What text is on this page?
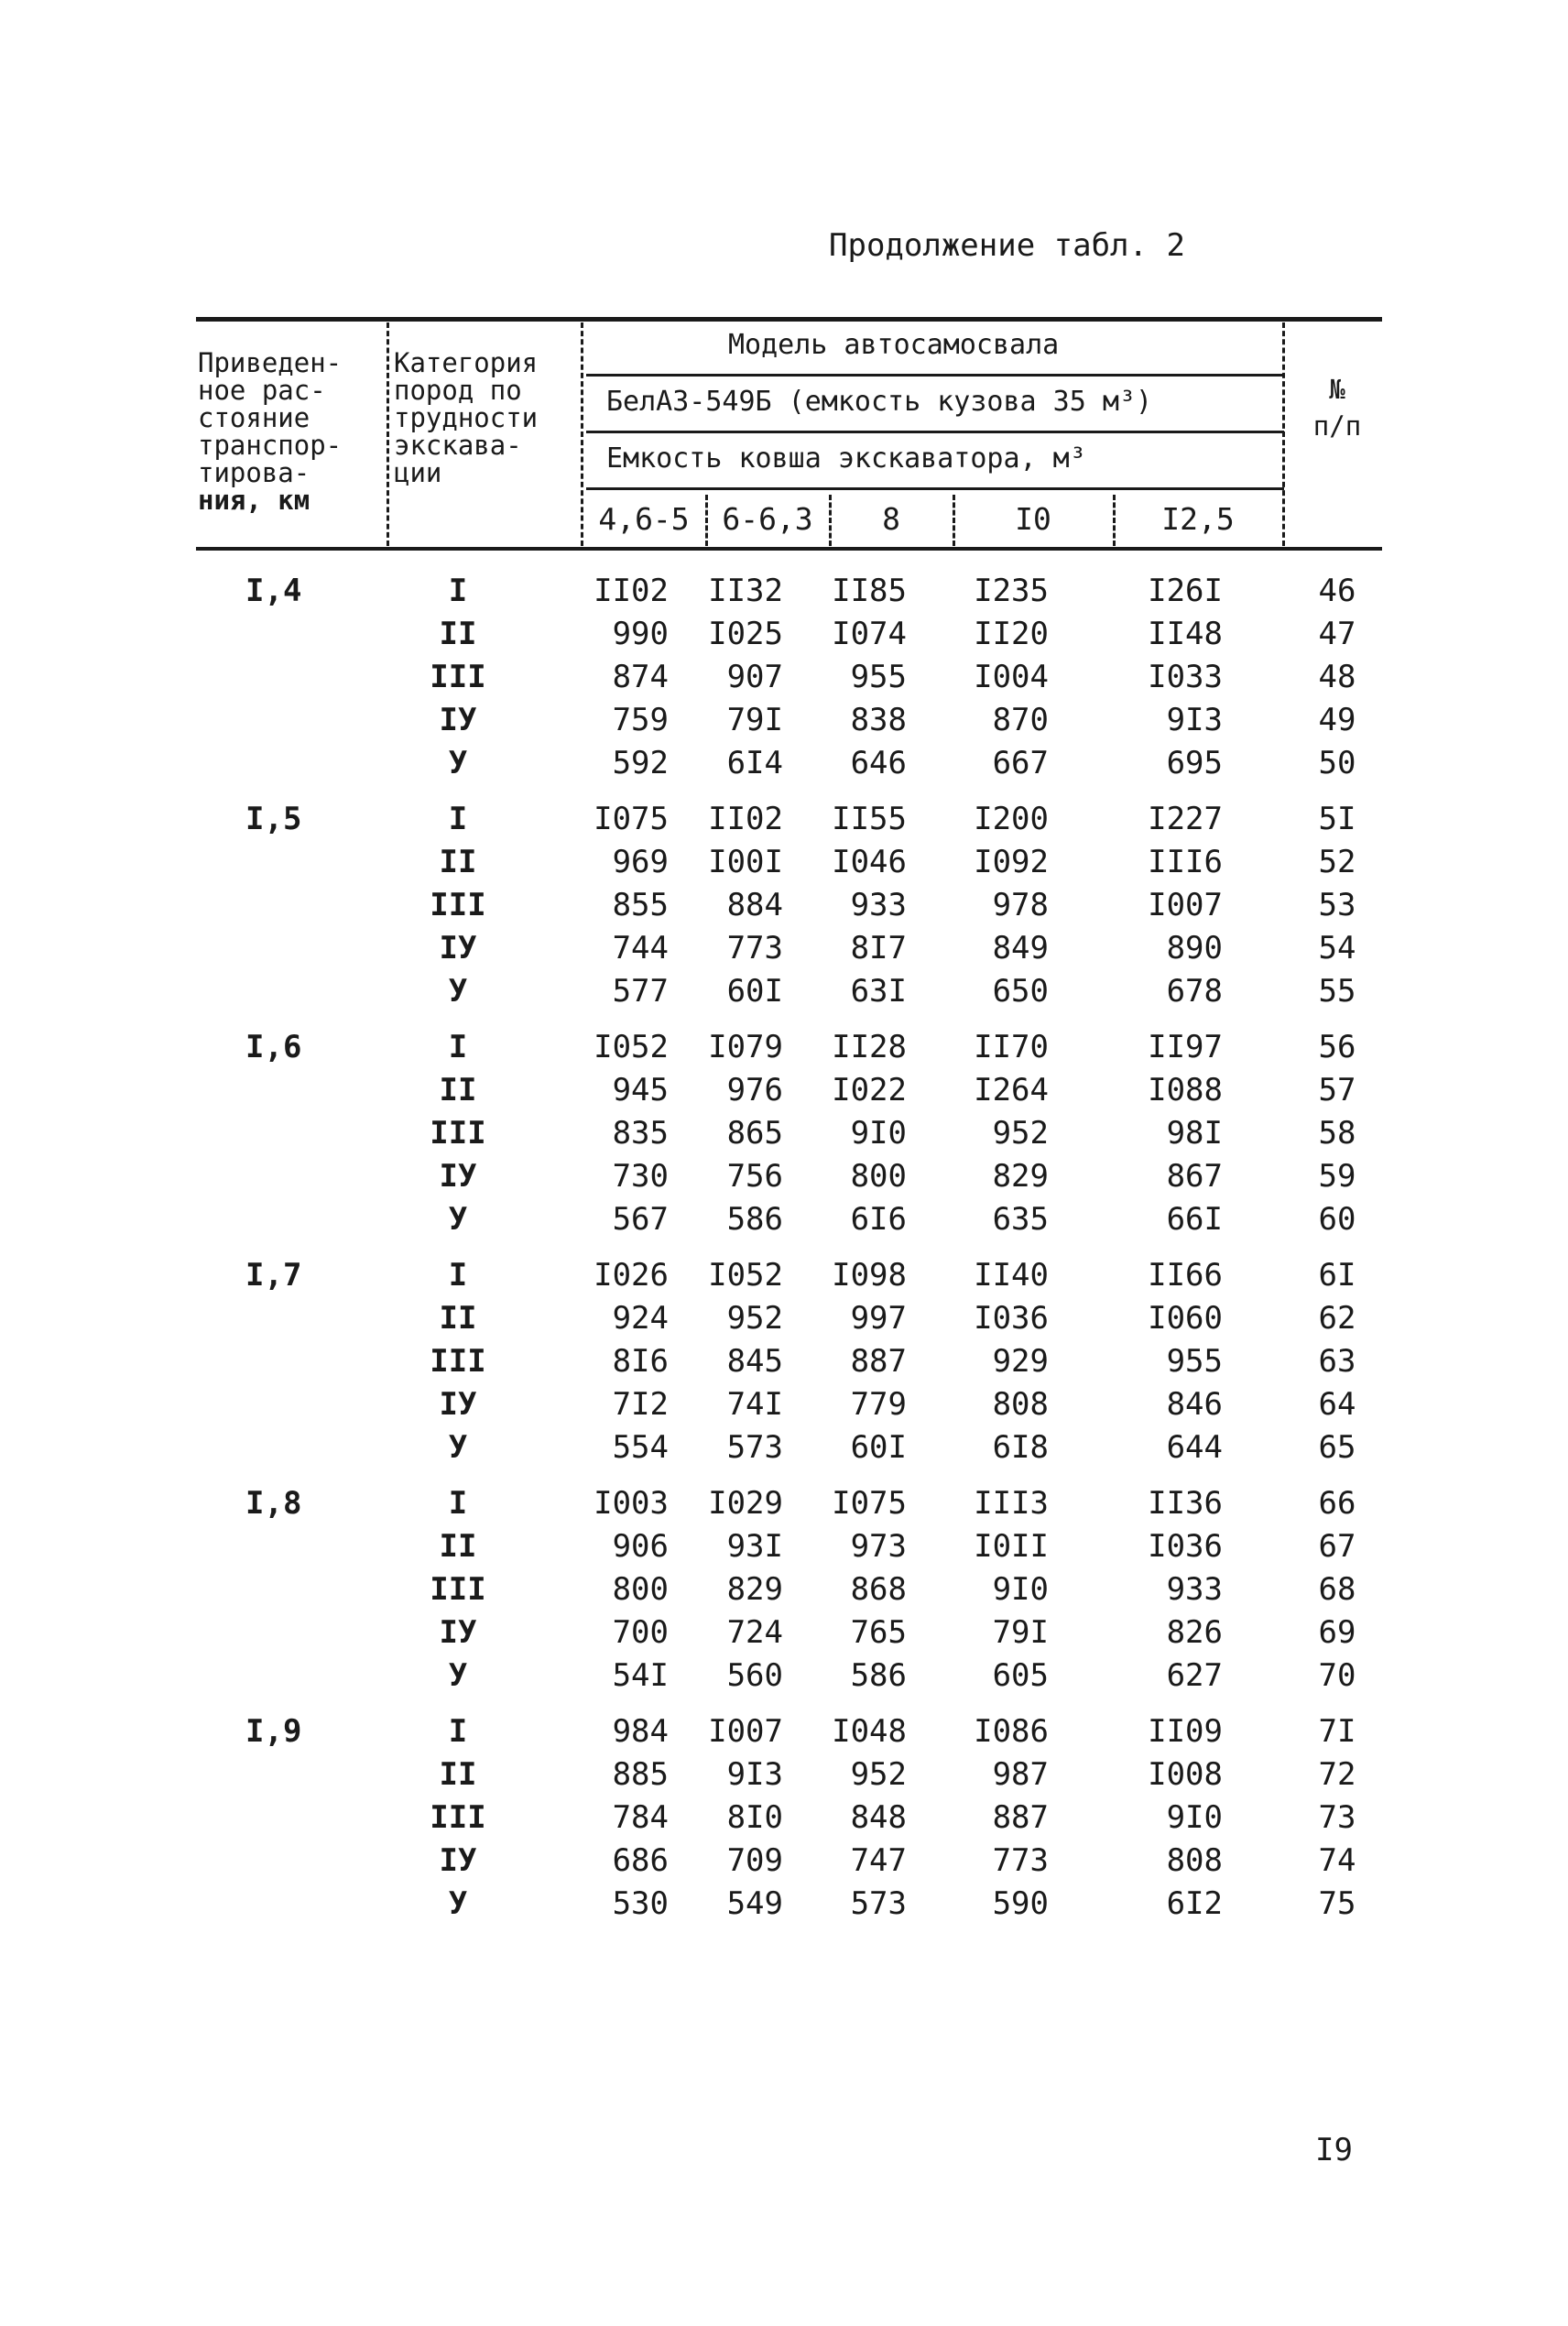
Продолжение табл. 2
Приведен-
ное рас-
стояние
транспор-
тирова-
ния, км
Категория
пород по
трудности
экскава-
ции
Модель автосамосвала
БелАЗ-549Б (емкость кузова 35 м³)
Емкость ковша экскаватора, м³
№
п/п
4,6-5	6-6,3	8	I0	I2,5
I,4	I	II02	II32	II85	I235	I26I	46
II	990	I025	I074	II20	II48	47
III	874	907	955	I004	I033	48
IУ	759	79I	838	870	9I3	49
У	592	6I4	646	667	695	50
I,5	I	I075	II02	II55	I200	I227	5I
II	969	I00I	I046	I092	III6	52
III	855	884	933	978	I007	53
IУ	744	773	8I7	849	890	54
У	577	60I	63I	650	678	55
I,6	I	I052	I079	II28	II70	II97	56
II	945	976	I022	I264	I088	57
III	835	865	9I0	952	98I	58
IУ	730	756	800	829	867	59
У	567	586	6I6	635	66I	60
I,7	I	I026	I052	I098	II40	II66	6I
II	924	952	997	I036	I060	62
III	8I6	845	887	929	955	63
IУ	7I2	74I	779	808	846	64
У	554	573	60I	6I8	644	65
I,8	I	I003	I029	I075	III3	II36	66
II	906	93I	973	I0II	I036	67
III	800	829	868	9I0	933	68
IУ	700	724	765	79I	826	69
У	54I	560	586	605	627	70
I,9	I	984	I007	I048	I086	II09	7I
II	885	9I3	952	987	I008	72
III	784	8I0	848	887	9I0	73
IУ	686	709	747	773	808	74
У	530	549	573	590	6I2	75
I9
